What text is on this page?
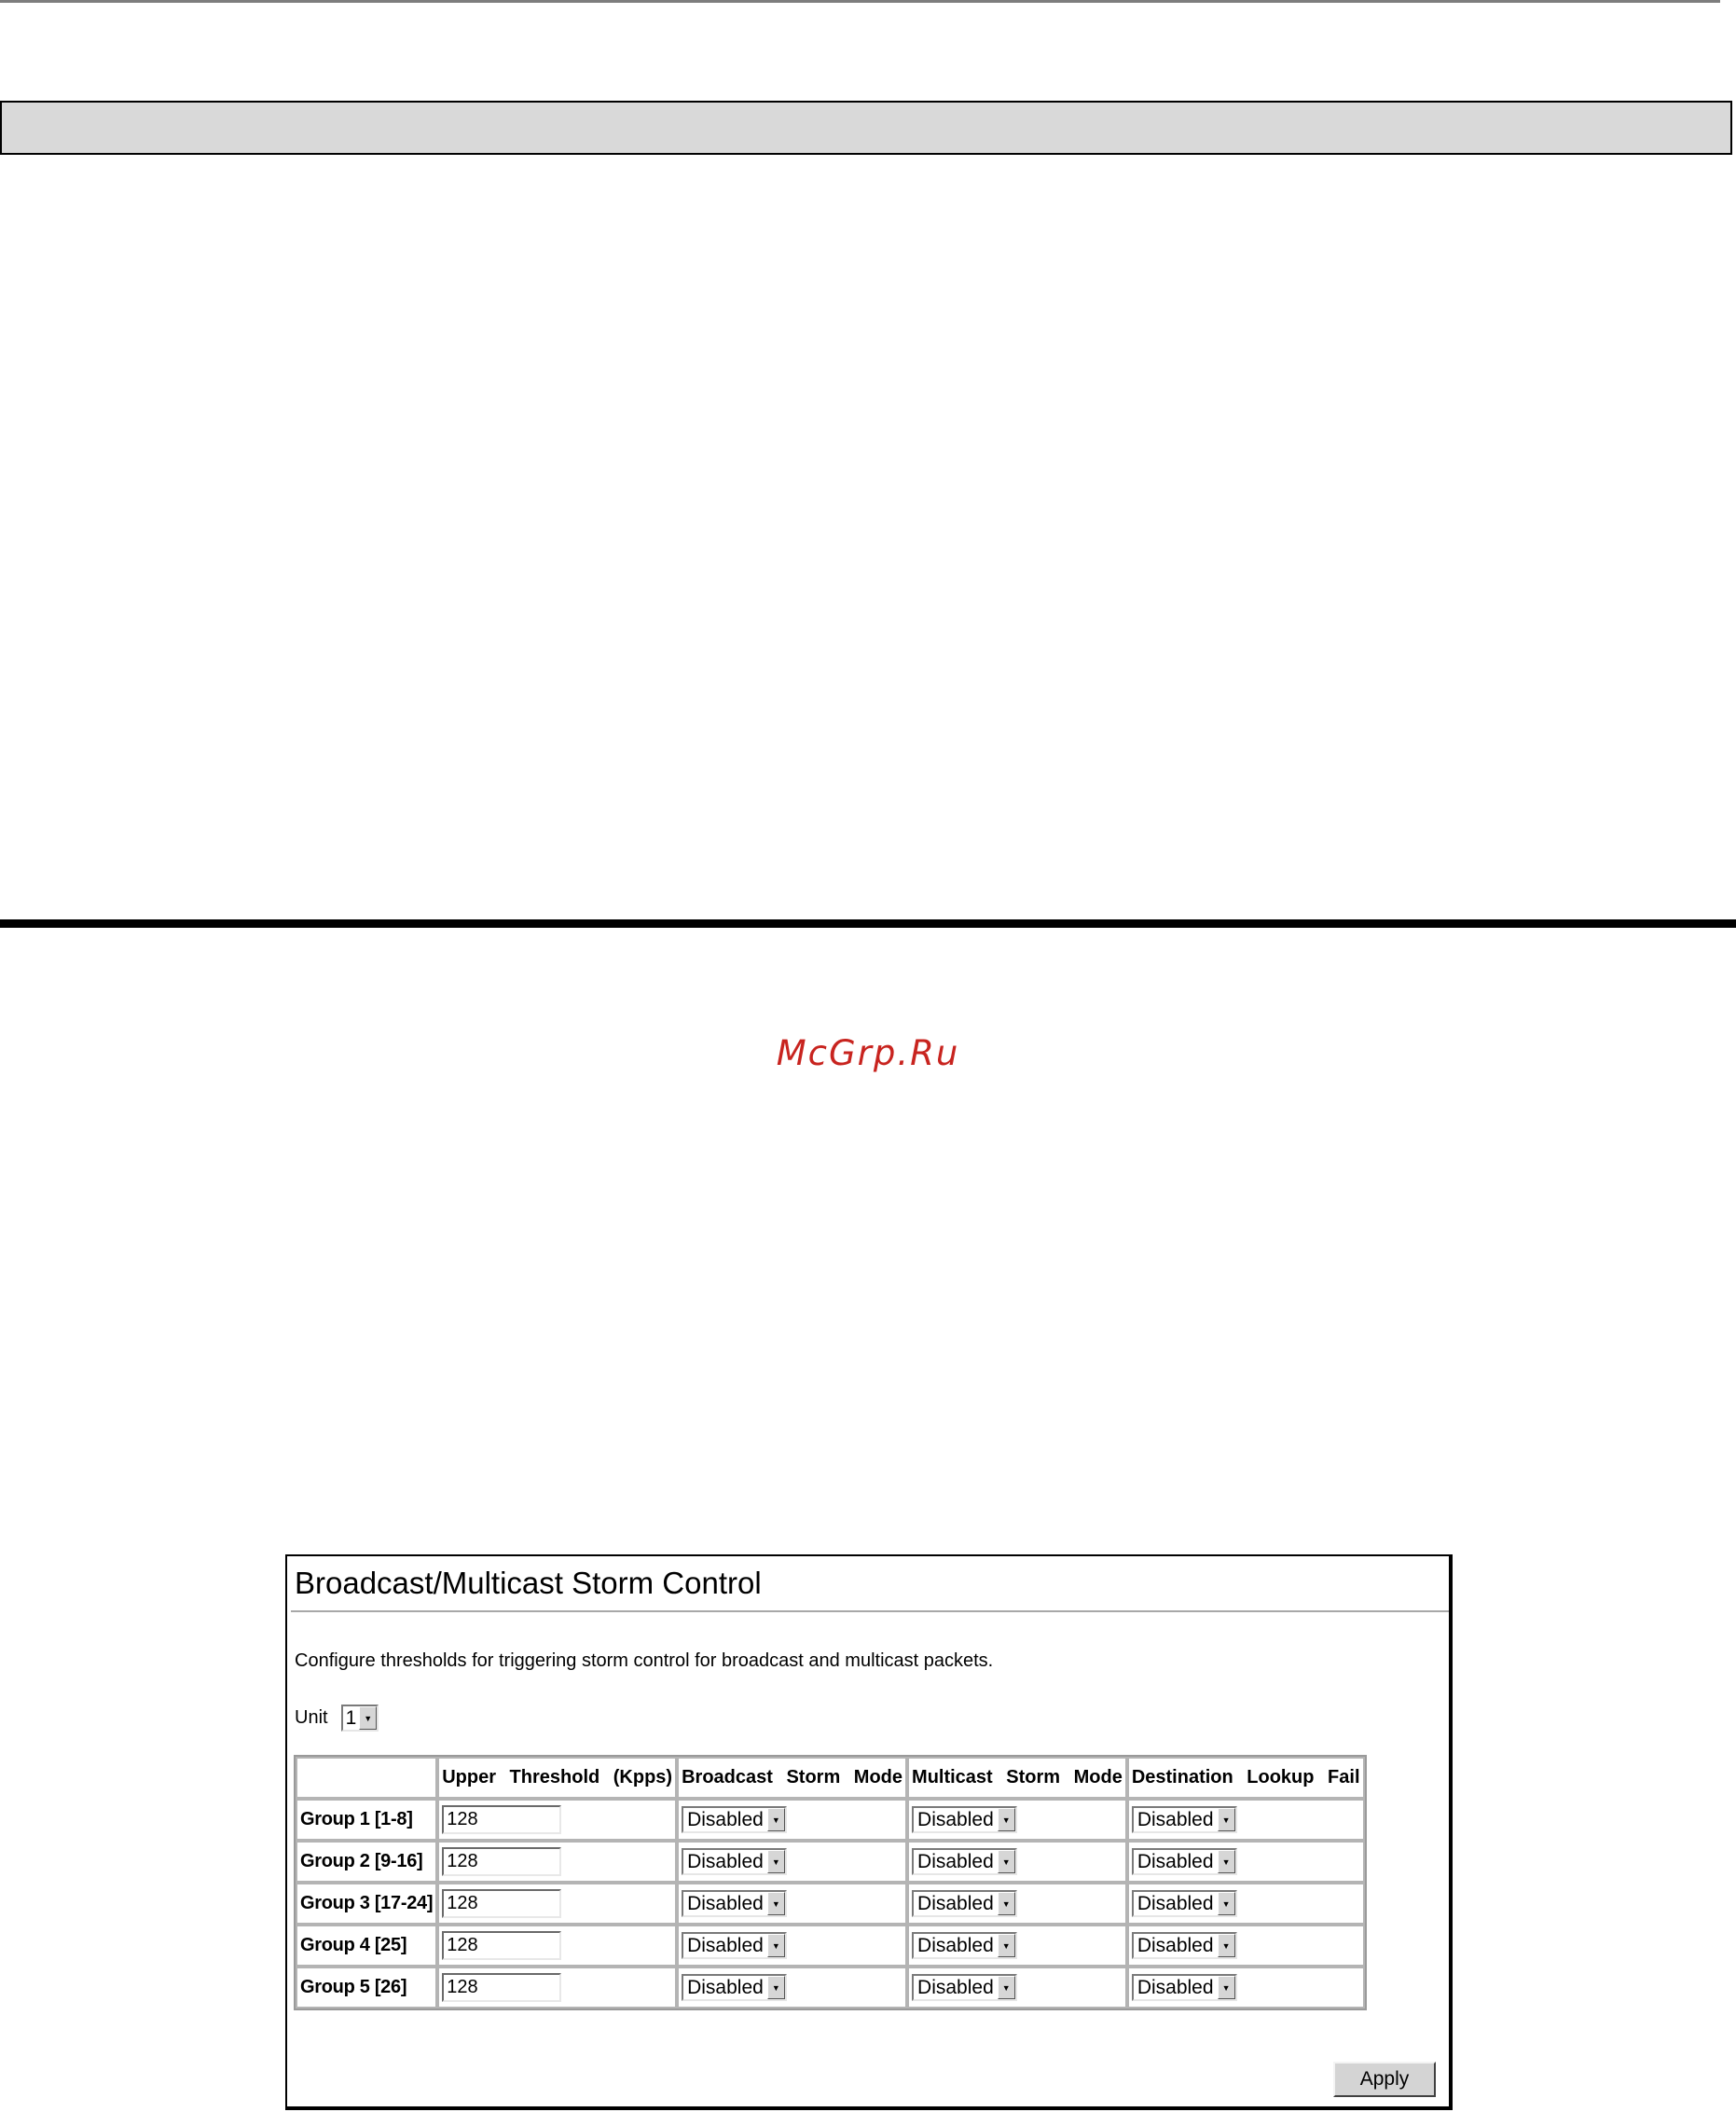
McGrp.Ru
Broadcast/Multicast Storm Control
Configure thresholds for triggering storm control for broadcast and multicast packets.
Unit 1 ▼
	Upper Threshold (Kpps)	Broadcast Storm Mode	Multicast Storm Mode	Destination Lookup Fail
Group 1 [1-8]	128	Disabled ▼	Disabled ▼	Disabled ▼

Group 2 [9-16]	128	Disabled ▼	Disabled ▼	Disabled ▼

Group 3 [17-24]	128	Disabled ▼	Disabled ▼	Disabled ▼

Group 4 [25]	128	Disabled ▼	Disabled ▼	Disabled ▼

Group 5 [26]	128	Disabled ▼	Disabled ▼	Disabled ▼
Apply
